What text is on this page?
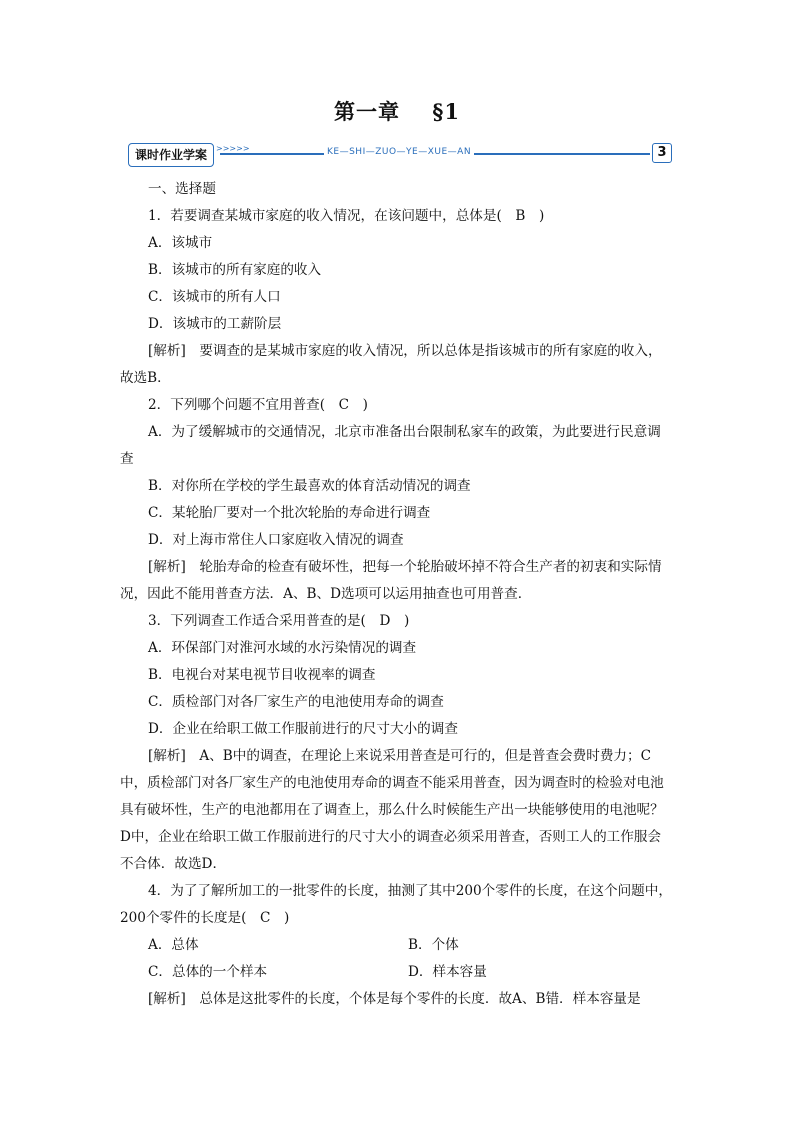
第一章 §1
课时作业学案	>>>>>	KE—SHI—ZUO—YE—XUE—AN	3

一、选择题

1．若要调查某城市家庭的收入情况，在该问题中，总体是(　B　)

A．该城市

B．该城市的所有家庭的收入

C．该城市的所有人口

D．该城市的工薪阶层

[解析]　要调查的是某城市家庭的收入情况，所以总体是指该城市的所有家庭的收入，

故选B．

2．下列哪个问题不宜用普查(　C　)

A．为了缓解城市的交通情况，北京市准备出台限制私家车的政策，为此要进行民意调

查

B．对你所在学校的学生最喜欢的体育活动情况的调查

C．某轮胎厂要对一个批次轮胎的寿命进行调查

D．对上海市常住人口家庭收入情况的调查

[解析]　轮胎寿命的检查有破坏性，把每一个轮胎破坏掉不符合生产者的初衷和实际情

况，因此不能用普查方法．A、B、D选项可以运用抽查也可用普查．

3．下列调查工作适合采用普查的是(　D　)

A．环保部门对淮河水域的水污染情况的调查

B．电视台对某电视节目收视率的调查

C．质检部门对各厂家生产的电池使用寿命的调查

D．企业在给职工做工作服前进行的尺寸大小的调查

[解析]　A、B中的调查，在理论上来说采用普查是可行的，但是普查会费时费力；C

中，质检部门对各厂家生产的电池使用寿命的调查不能采用普查，因为调查时的检验对电池

具有破坏性，生产的电池都用在了调查上，那么什么时候能生产出一块能够使用的电池呢？

D中，企业在给职工做工作服前进行的尺寸大小的调查必须采用普查，否则工人的工作服会

不合体．故选D．

4．为了了解所加工的一批零件的长度，抽测了其中200个零件的长度，在这个问题中，

200个零件的长度是(　C　)

A．总体	B．个体
C．总体的一个样本	D．样本容量

[解析]　总体是这批零件的长度，个体是每个零件的长度．故A、B错．样本容量是
